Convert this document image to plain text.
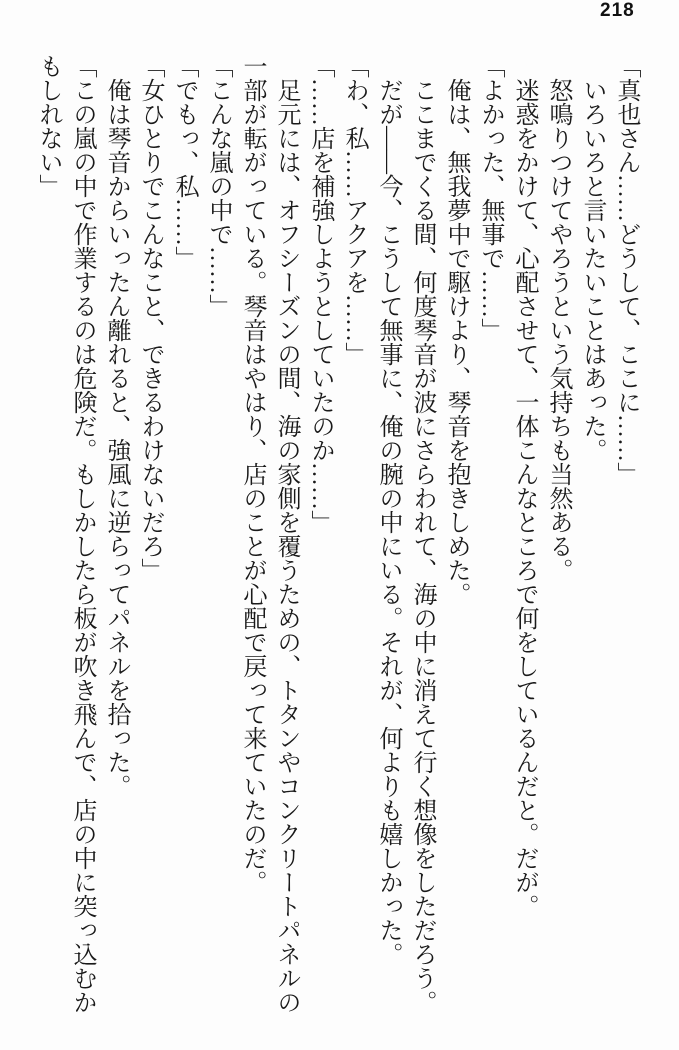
218

「真也さん……どうして、ここに……」

いろいろと言いたいことはあった。

怒鳴りつけてやろうという気持ちも当然ある。

迷惑をかけて、心配させて、一体こんなところで何をしているんだと。だが。

「よかった、無事で……」

俺は、無我夢中で駆けより、琴音を抱きしめた。

ここまでくる間、何度琴音が波にさらわれて、海の中に消えて行く想像をしただろう。

だが――今、こうして無事に、俺の腕の中にいる。それが、何よりも嬉しかった。

「わ、私……アクアを……」

「……店を補強しようとしていたのか……」

足元には、オフシーズンの間、海の家側を覆うための、トタンやコンクリートパネルの一部が転がっている。琴音はやはり、店のことが心配で戻って来ていたのだ。

「こんな嵐の中で……」

「でもっ、私……」

「女ひとりでこんなこと、できるわけないだろ」

俺は琴音からいったん離れると、強風に逆らってパネルを拾った。

「この嵐の中で作業するのは危険だ。もしかしたら板が吹き飛んで、店の中に突っ込むかもしれない」
